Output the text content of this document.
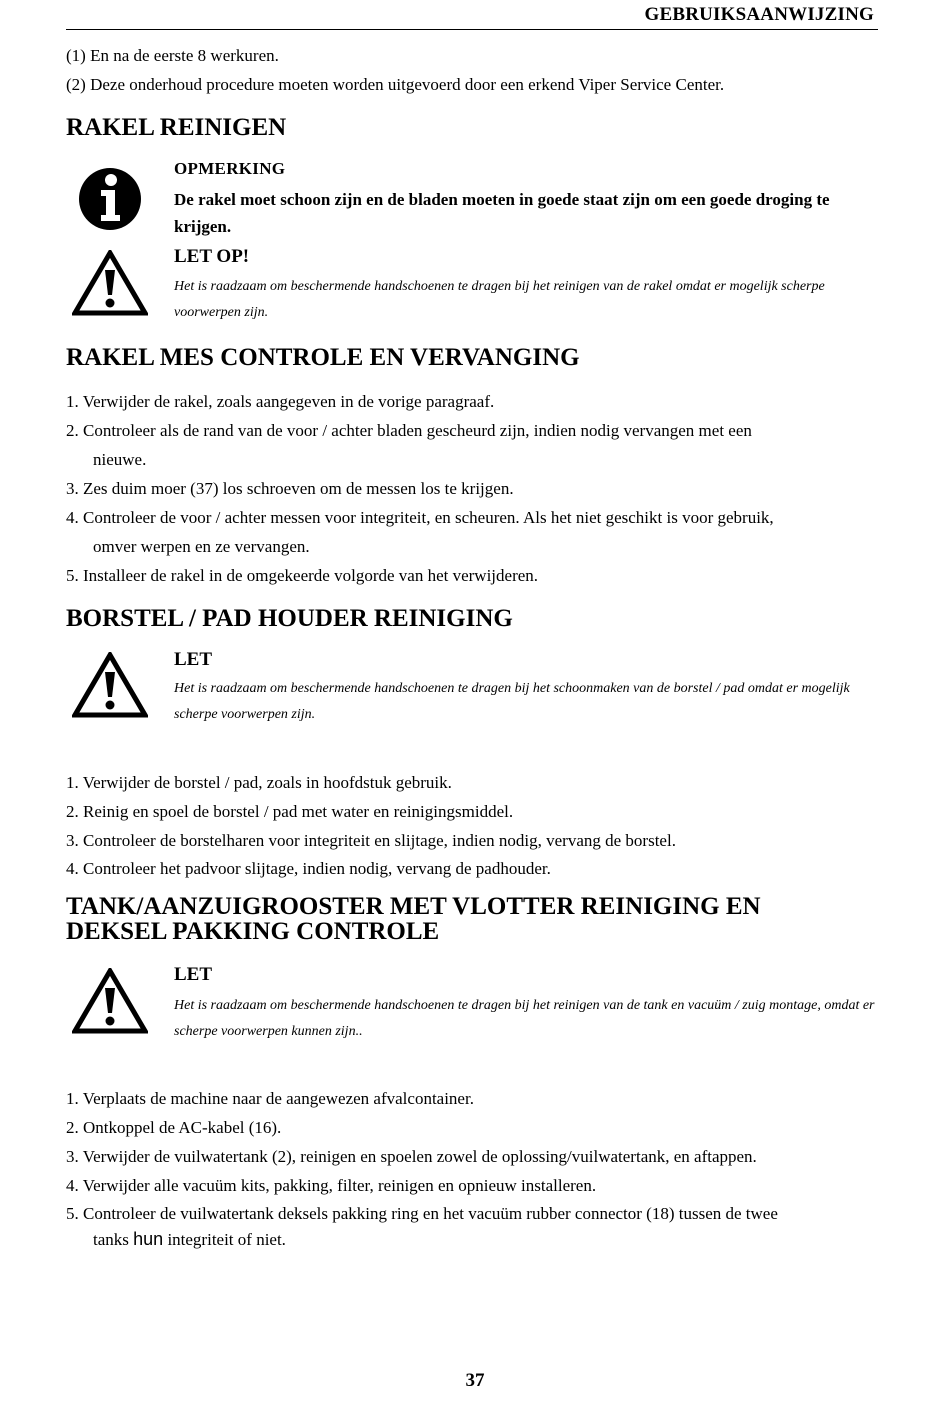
GEBRUIKSAANWIJZING
(1) En na de eerste 8 werkuren.
(2) Deze onderhoud procedure moeten worden uitgevoerd door een erkend Viper Service Center.
RAKEL REINIGEN
OPMERKING
De rakel moet schoon zijn en de bladen moeten in goede staat zijn om een goede droging te krijgen.
LET OP!
Het is raadzaam om beschermende handschoenen te dragen bij het reinigen van de rakel omdat er mogelijk scherpe voorwerpen zijn.
RAKEL MES CONTROLE EN VERVANGING
1. Verwijder de rakel, zoals aangegeven in de vorige paragraaf.
2. Controleer als de rand van de voor / achter bladen gescheurd zijn, indien nodig vervangen met een
nieuwe.
3. Zes duim moer (37) los schroeven om de messen los te krijgen.
4. Controleer de voor / achter messen voor integriteit, en scheuren. Als het niet geschikt is voor gebruik,
omver werpen en ze vervangen.
5. Installeer de rakel in de omgekeerde volgorde van het verwijderen.
BORSTEL / PAD HOUDER REINIGING
LET
Het is raadzaam om beschermende handschoenen te dragen bij het schoonmaken van de borstel / pad omdat er mogelijk scherpe voorwerpen zijn.
1. Verwijder de borstel / pad, zoals in hoofdstuk gebruik.
2. Reinig en spoel de borstel / pad met water en reinigingsmiddel.
3. Controleer de borstelharen voor integriteit en slijtage, indien nodig, vervang de borstel.
4. Controleer het padvoor slijtage, indien nodig, vervang de padhouder.
TANK/AANZUIGROOSTER MET VLOTTER REINIGING EN
DEKSEL PAKKING CONTROLE
LET
Het is raadzaam om beschermende handschoenen te dragen bij het reinigen van de tank en vacuüm / zuig montage, omdat er scherpe voorwerpen kunnen zijn..
1. Verplaats de machine naar de aangewezen afvalcontainer.
2. Ontkoppel de AC-kabel (16).
3. Verwijder de vuilwatertank (2), reinigen en spoelen zowel de oplossing/vuilwatertank, en aftappen.
4. Verwijder alle vacuüm kits, pakking, filter, reinigen en opnieuw installeren.
5. Controleer de vuilwatertank deksels pakking ring en het vacuüm rubber connector (18) tussen de twee
tanks hun integriteit of niet.
37
